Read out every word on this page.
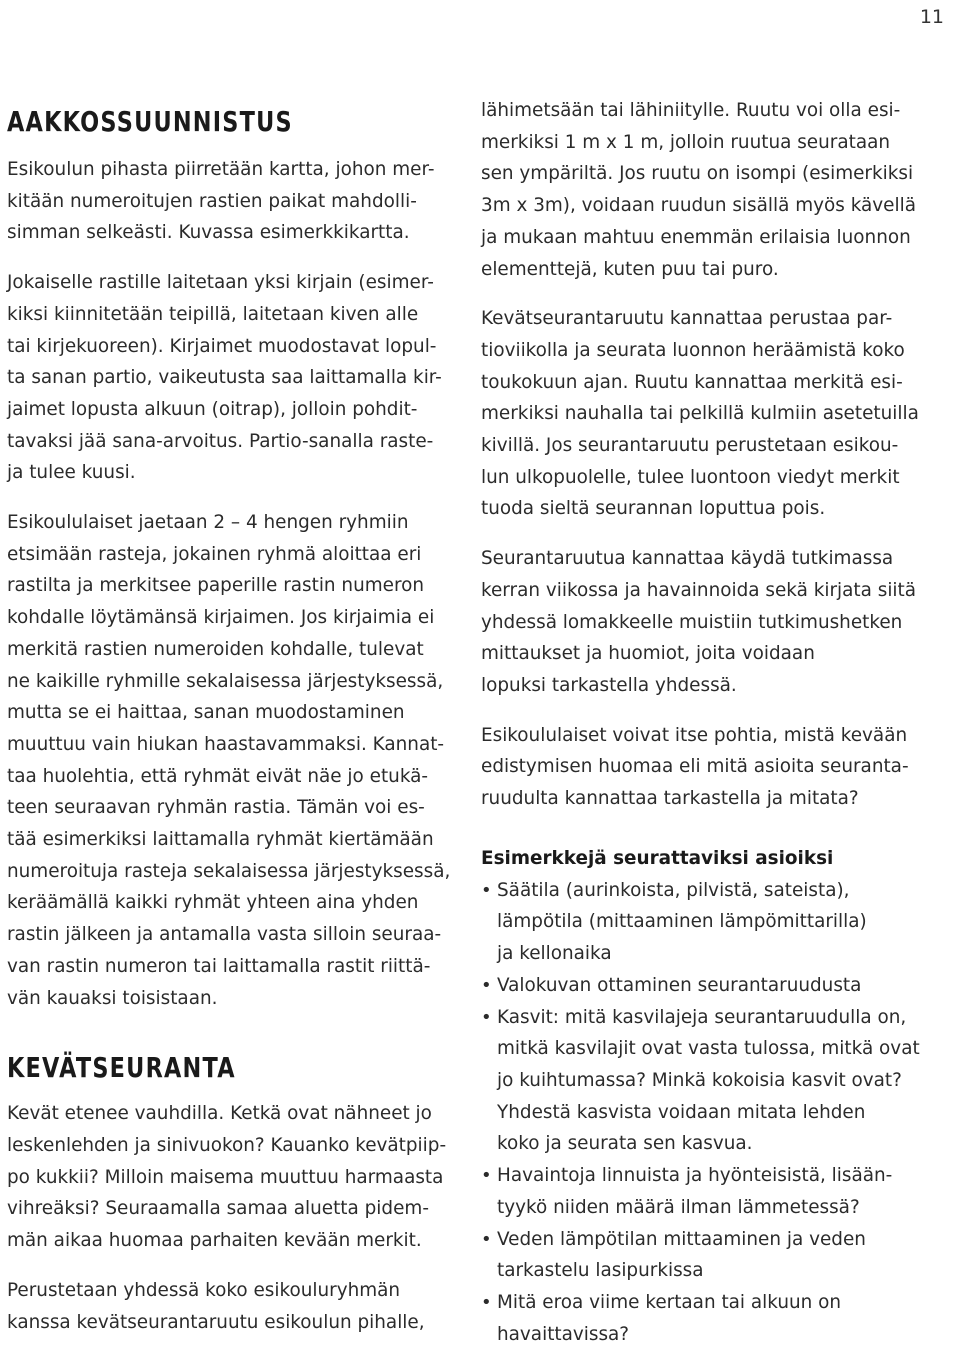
11
AAKKOSSUUNNISTUS

Esikoulun pihasta piirretään kartta, johon mer-
kitään numeroitujen rastien paikat mahdolli-
simman selkeästi. Kuvassa esimerkkikartta.

Jokaiselle rastille laitetaan yksi kirjain (esimer-
kiksi kiinnitetään teipillä, laitetaan kiven alle
tai kirjekuoreen). Kirjaimet muodostavat lopul-
ta sanan partio, vaikeutusta saa laittamalla kir-
jaimet lopusta alkuun (oitrap), jolloin pohdit-
tavaksi jää sana-arvoitus. Partio-sanalla raste-
ja tulee kuusi.

Esikoululaiset jaetaan 2 – 4 hengen ryhmiin
etsimään rasteja, jokainen ryhmä aloittaa eri
rastilta ja merkitsee paperille rastin numeron
kohdalle löytämänsä kirjaimen. Jos kirjaimia ei
merkitä rastien numeroiden kohdalle, tulevat
ne kaikille ryhmille sekalaisessa järjestyksessä,
mutta se ei haittaa, sanan muodostaminen
muuttuu vain hiukan haastavammaksi. Kannat-
taa huolehtia, että ryhmät eivät näe jo etukä-
teen seuraavan ryhmän rastia. Tämän voi es-
tää esimerkiksi laittamalla ryhmät kiertämään
numeroituja rasteja sekalaisessa järjestyksessä,
keräämällä kaikki ryhmät yhteen aina yhden
rastin jälkeen ja antamalla vasta silloin seuraa-
van rastin numeron tai laittamalla rastit riittä-
vän kauaksi toisistaan.

KEVÄTSEURANTA

Kevät etenee vauhdilla. Ketkä ovat nähneet jo
leskenlehden ja sinivuokon? Kauanko kevätpiip-
po kukkii? Milloin maisema muuttuu harmaasta
vihreäksi? Seuraamalla samaa aluetta pidem-
män aikaa huomaa parhaiten kevään merkit.

Perustetaan yhdessä koko esikouluryhmän
kanssa kevätseurantaruutu esikoulun pihalle,

lähimetsään tai lähiniitylle. Ruutu voi olla esi-
merkiksi 1 m x 1 m, jolloin ruutua seurataan
sen ympäriltä. Jos ruutu on isompi (esimerkiksi
3m x 3m), voidaan ruudun sisällä myös kävellä
ja mukaan mahtuu enemmän erilaisia luonnon
elementtejä, kuten puu tai puro.

Kevätseurantaruutu kannattaa perustaa par-
tioviikolla ja seurata luonnon heräämistä koko
toukokuun ajan. Ruutu kannattaa merkitä esi-
merkiksi nauhalla tai pelkillä kulmiin asetetuilla
kivillä. Jos seurantaruutu perustetaan esikou-
lun ulkopuolelle, tulee luontoon viedyt merkit
tuoda sieltä seurannan loputtua pois.

Seurantaruutua kannattaa käydä tutkimassa
kerran viikossa ja havainnoida sekä kirjata siitä
yhdessä lomakkeelle muistiin tutkimushetken
mittaukset ja huomiot, joita voidaan
lopuksi tarkastella yhdessä.

Esikoululaiset voivat itse pohtia, mistä kevään
edistymisen huomaa eli mitä asioita seuranta-
ruudulta kannattaa tarkastella ja mitata?

Esimerkkejä seurattaviksi asioiksi
• Säätila (aurinkoista, pilvistä, sateista),
lämpötila (mittaaminen lämpömittarilla)
ja kellonaika
• Valokuvan ottaminen seurantaruudusta
• Kasvit: mitä kasvilajeja seurantaruudulla on,
mitkä kasvilajit ovat vasta tulossa, mitkä ovat
jo kuihtumassa? Minkä kokoisia kasvit ovat?
Yhdestä kasvista voidaan mitata lehden
koko ja seurata sen kasvua.
• Havaintoja linnuista ja hyönteisistä, lisään-
tyykö niiden määrä ilman lämmetessä?
• Veden lämpötilan mittaaminen ja veden
tarkastelu lasipurkissa
• Mitä eroa viime kertaan tai alkuun on
havaittavissa?
